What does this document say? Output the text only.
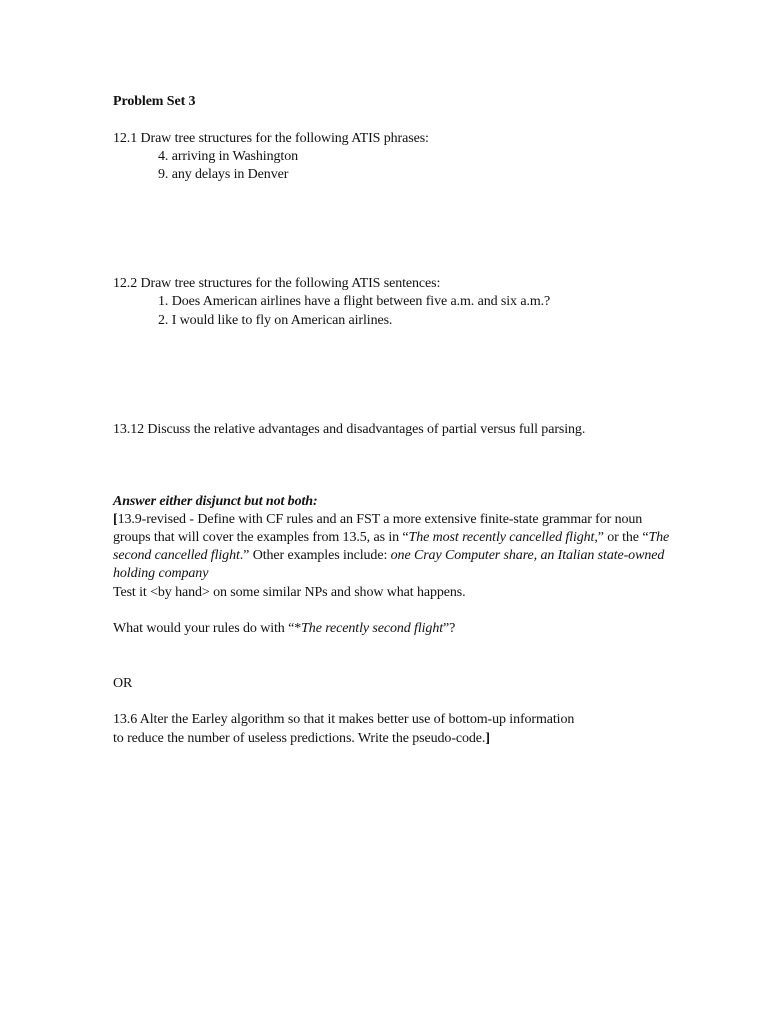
Problem Set 3
12.1 Draw tree structures for the following ATIS phrases:
4. arriving in Washington
9. any delays in Denver
12.2 Draw tree structures for the following ATIS sentences:
1. Does American airlines have a flight between five a.m. and six a.m.?
2. I would like to fly on American airlines.
13.12 Discuss the relative advantages and disadvantages of partial versus full parsing.
Answer either disjunct but not both:
[13.9-revised - Define with CF rules and an FST a more extensive finite-state grammar for noun
groups that will cover the examples from 13.5, as in “The most recently cancelled flight,” or the “The
second cancelled flight.” Other examples include: one Cray Computer share, an Italian state-owned
holding company
Test it <by hand> on some similar NPs and show what happens.
What would your rules do with “*The recently second flight”?
OR
13.6 Alter the Earley algorithm so that it makes better use of bottom-up information
to reduce the number of useless predictions. Write the pseudo-code.]
